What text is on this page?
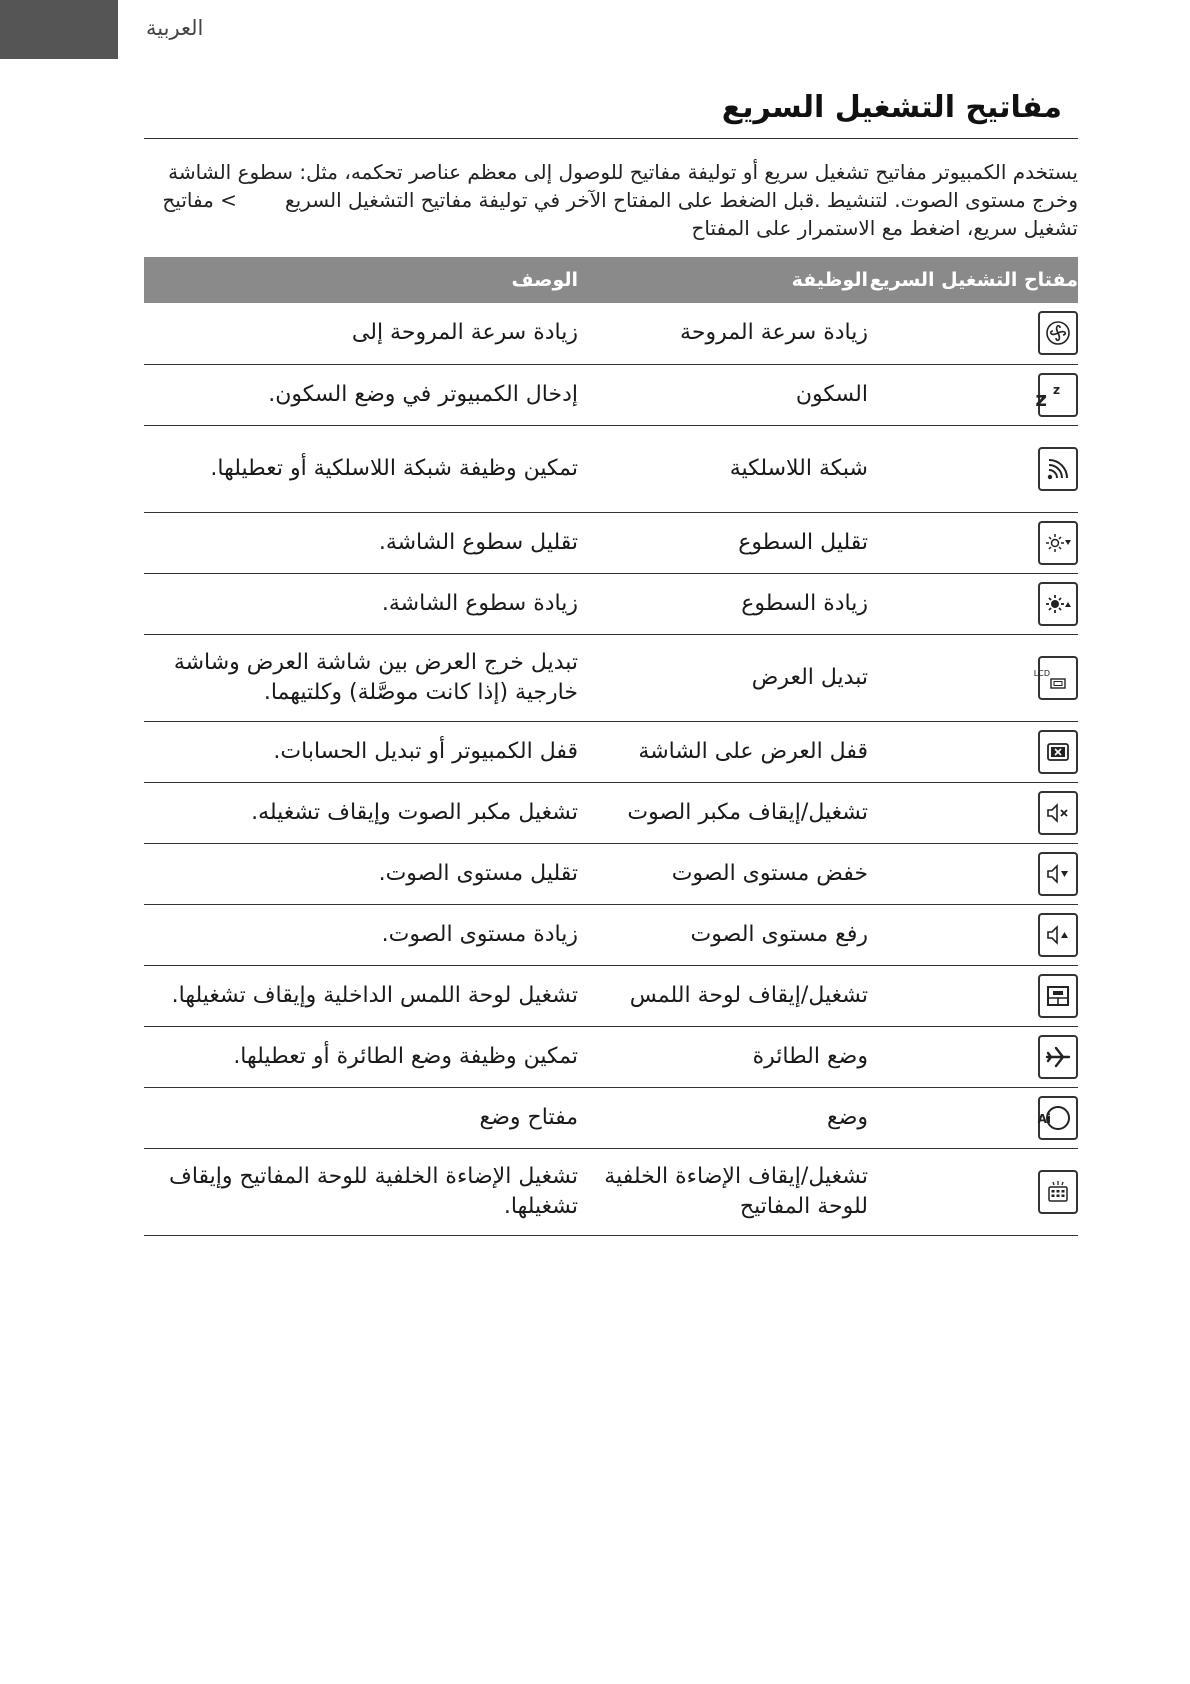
العربية
مفاتيح التشغيل السريع

يستخدم الكمبيوتر مفاتيح تشغيل سريع أو توليفة مفاتيح للوصول إلى معظم عناصر تحكمه، مثل: سطوع الشاشة

وخرج مستوى الصوت. لتنشيط .قبل الضغط على المفتاح الآخر في توليفة مفاتيح التشغيل السريع> مفاتيح

تشغيل سريع، اضغط مع الاستمرار على المفتاح

مفتاح التشغيل السريع	الوظيفة	الوصف

	زيادة سرعة المروحة	زيادة سرعة المروحة إلى

z z	السكون	إدخال الكمبيوتر في وضع السكون.

	شبكة اللاسلكية	تمكين وظيفة شبكة اللاسلكية أو تعطيلها.

	تقليل السطوع	تقليل سطوع الشاشة.

	زيادة السطوع	زيادة سطوع الشاشة.

LCD	تبديل العرض	تبديل خرج العرض بين شاشة العرض وشاشة خارجية (إذا كانت موصَّلة) وكلتيهما.

	قفل العرض على الشاشة	قفل الكمبيوتر أو تبديل الحسابات.

	تشغيل/إيقاف مكبر الصوت	تشغيل مكبر الصوت وإيقاف تشغيله.

	خفض مستوى الصوت	تقليل مستوى الصوت.

	رفع مستوى الصوت	زيادة مستوى الصوت.

	تشغيل/إيقاف لوحة اللمس	تشغيل لوحة اللمس الداخلية وإيقاف تشغيلها.

	وضع الطائرة	تمكين وظيفة وضع الطائرة أو تعطيلها.

Ai	وضع	مفتاح وضع

	تشغيل/إيقاف الإضاءة الخلفية للوحة المفاتيح	تشغيل الإضاءة الخلفية للوحة المفاتيح وإيقاف تشغيلها.
